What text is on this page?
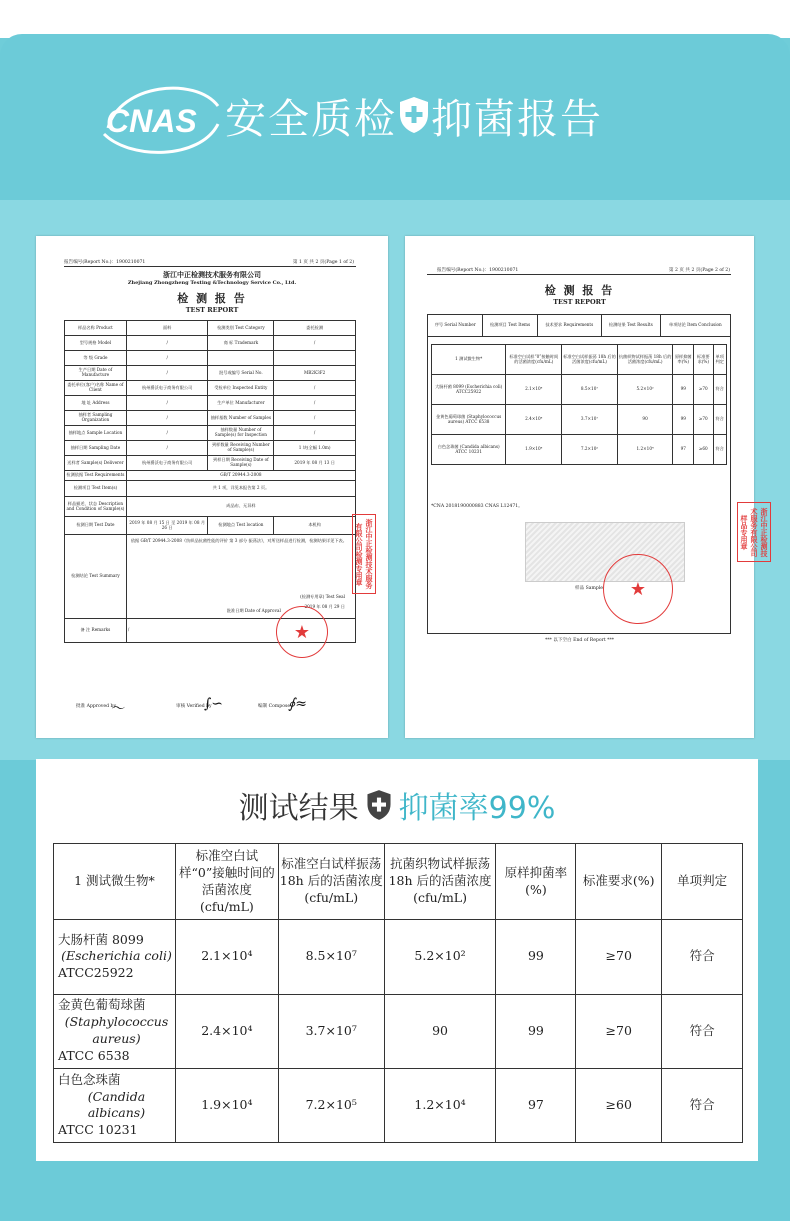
CNAS 安全质检 抑菌报告
报告编号(Report No.)：1900210071	第 1 页 共 2 页(Page 1 of 2)
浙江中正检测技术服务有限公司
Zhejiang Zhongzheng Testing &Technology Service Co., Ltd.
检 测 报 告
TEST REPORT
样品名称 Product	面料	检测类别 Test Category	委托检测
型号规格 Model	/	商 标 Trademark	/
等 级 Grade	/		
生产日期 Date of Manufacture	/	批号或编号 Serial No.	MB2K3F2
委托单位(客户)名称 Name of Client	杭州爵沃电子商务有限公司	受检单位 Inspected Entity	/
地 址 Address	/	生产单位 Manufacturer	/
抽样者 Sampling Organization	/	抽样基数 Number of Samples	/
抽样地点 Sample Location	/	抽样数量 Number of Sample(s) for Inspection	/
抽样日期 Sampling Date	/	到样数量 Receiving Number of Sample(s)	1 块(全幅 1.0m)
送样者 Sample(s) Deliverer	杭州爵沃电子商务有限公司	到样日期 Receiving Date of Sample(s)	2019 年 08 月 13 日
检测依据 Test Requirements	GB/T 20944.3-2008		
检测项目 Test Item(s)	共 1 项，详见本报告第 2 页。		
样品描述、状态 Description and Condition of Sample(s)	成品布、无异样		
检测日期 Test Date	2019 年 08 月 15 日 至 2019 年 08 月 26 日	检测地点 Test location	本机构
检测结论 Test Summary	依据 GB/T 20944.3-2008《纺织品抗菌性能的评价 第 3 部分 振荡法》，对所送样品进行检测，检测结果详见下表。
(检测专用章) Test Seal
批准日期 Date of Approval
2019 年 08 月 29 日		

备 注 Remarks	/			★
浙江中正检测技术服务有限公司检测专用章
批准 Approved by
〜	审核 Verified by
∫∽	编制 Compose
∮≈
报告编号(Report No.)：1900210071	第 2 页 共 2 页(Page 2 of 2)
检 测 报 告
TEST REPORT
序号 Serial Number	检测项目 Test Items	技术要求 Requirements	检测结果 Test Results	单项结论 Item Conclusion
1 测试微生物*	标准空白试样“0”接触时间的活菌浓度(cfu/mL)	标准空白试样振荡 18h 后的活菌浓度(cfu/mL)	抗菌织物试样振荡 18h 后的活菌浓度(cfu/mL)	原样抑菌率(%)	标准要求(%)	单项判定
大肠杆菌 8099 (Escherichia coli) ATCC25922	2.1×10⁴	8.5×10⁷	5.2×10²	99	≥70	符合
金黄色葡萄球菌 (Staphylococcus aureus) ATCC 6538	2.4×10⁴	3.7×10⁷	90	99	≥70	符合
白色念珠菌 (Candida albicans) ATCC 10231	1.9×10⁴	7.2×10⁵	1.2×10⁴	97	≥60	符合
*CNA 2018190000883 CNAS L12471。
样品 Sample ★
*** 以下空白 End of Report ***
浙江中正检测技术服务有限公司样品专用章
测试结果 抑菌率99%
1 测试微生物*	标准空白试样“0”接触时间的活菌浓度(cfu/mL)	标准空白试样振荡 18h 后的活菌浓度(cfu/mL)	抗菌织物试样振荡 18h 后的活菌浓度(cfu/mL)	原样抑菌率(%)	标准要求(%)	单项判定

大肠杆菌 8099
(Escherichia coli)
ATCC25922	2.1×10⁴	8.5×10⁷	5.2×10²	99	≥70	符合

金黄色葡萄球菌
(Staphylococcus aureus)
ATCC 6538	2.4×10⁴	3.7×10⁷	90	99	≥70	符合

白色念珠菌
(Candida albicans)
ATCC 10231	1.9×10⁴	7.2×10⁵	1.2×10⁴	97	≥60	符合
